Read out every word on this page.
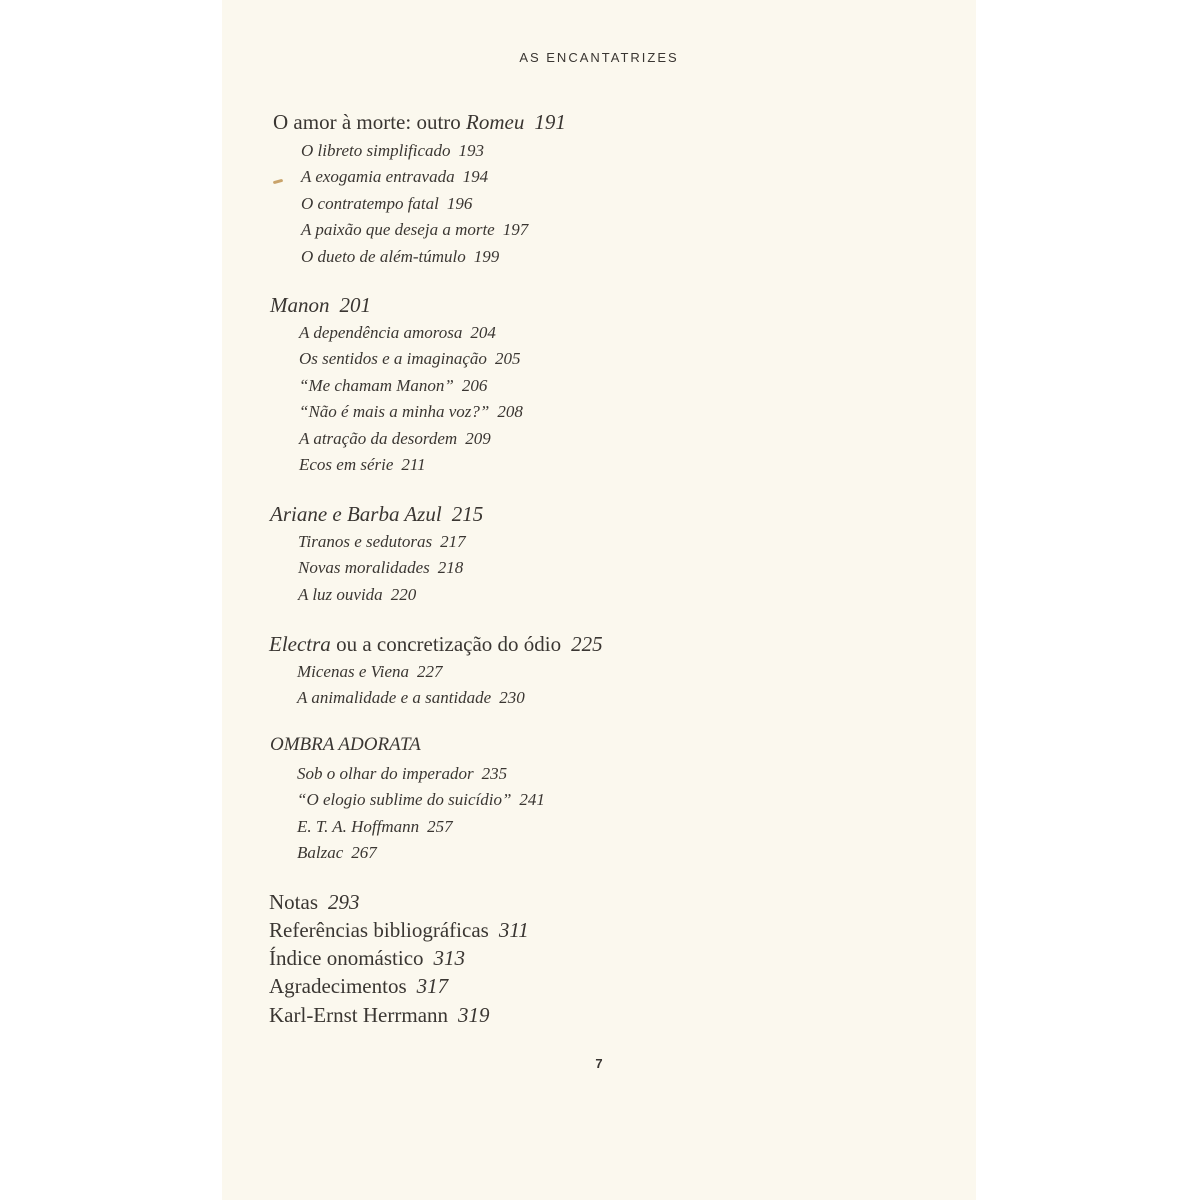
AS ENCANTATRIZES
O amor à morte: outro Romeu 191
O libreto simplificado 193
A exogamia entravada 194
O contratempo fatal 196
A paixão que deseja a morte 197
O dueto de além-túmulo 199
Manon 201
A dependência amorosa 204
Os sentidos e a imaginação 205
“Me chamam Manon” 206
“Não é mais a minha voz?” 208
A atração da desordem 209
Ecos em série 211
Ariane e Barba Azul 215
Tiranos e sedutoras 217
Novas moralidades 218
A luz ouvida 220
Electra ou a concretização do ódio 225
Micenas e Viena 227
A animalidade e a santidade 230
OMBRA ADORATA
Sob o olhar do imperador 235
“O elogio sublime do suicídio” 241
E. T. A. Hoffmann 257
Balzac 267
Notas 293
Referências bibliográficas 311
Índice onomástico 313
Agradecimentos 317
Karl-Ernst Herrmann 319
7
